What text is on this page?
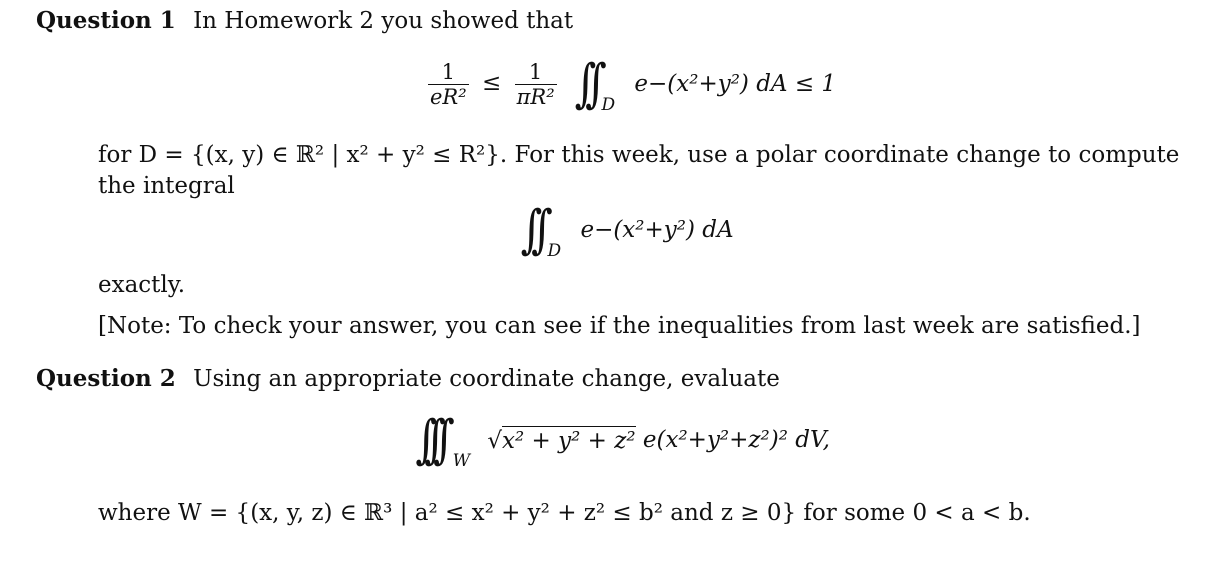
Question 1 In Homework 2 you showed that
$\frac{1}{\text{eR²}} \le \frac{1}{\text{πR²}}$ ∫∫ $_D$ e−(x²+y²) dA ≤ 1
for D = {(x, y) ∈ ℝ² | x² + y² ≤ R²}. For this week, use a polar coordinate change to compute
the integral
∫∫ $_D$ e−(x²+y²) dA
exactly.
[Note: To check your answer, you can see if the inequalities from last week are satisfied.]
Question 2 Using an appropriate coordinate change, evaluate
∫∫∫ $_W$ √x² + y² + z² e(x²+y²+z²)² dV,
where W = {(x, y, z) ∈ ℝ³ | a² ≤ x² + y² + z² ≤ b² and z ≥ 0} for some 0 < a < b.
